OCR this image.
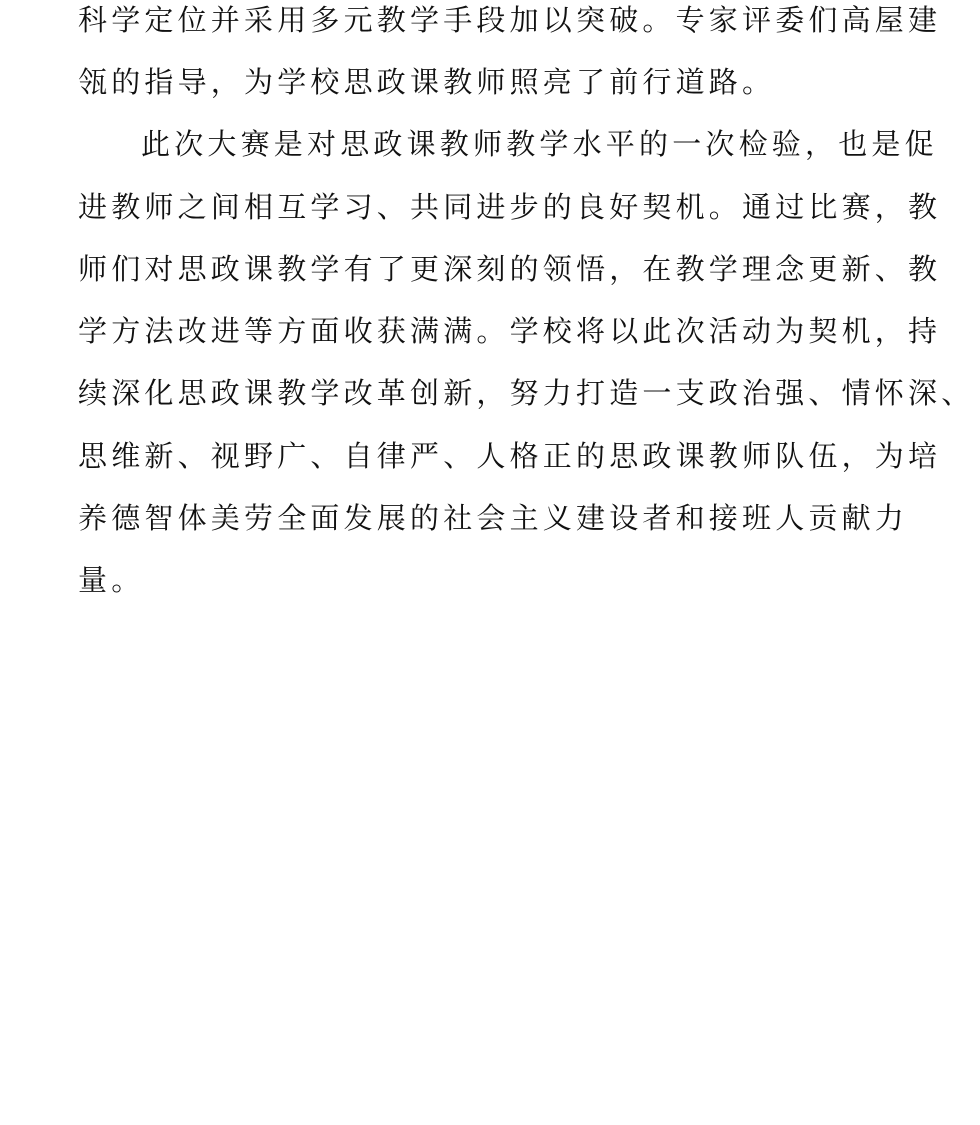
科学定位并采用多元教学手段加以突破。专家评委们高屋建
瓴的指导，为学校思政课教师照亮了前行道路。
此次大赛是对思政课教师教学水平的一次检验，也是促
进教师之间相互学习、共同进步的良好契机。通过比赛，教
师们对思政课教学有了更深刻的领悟，在教学理念更新、教
学方法改进等方面收获满满。学校将以此次活动为契机，持
续深化思政课教学改革创新，努力打造一支政治强、情怀深、
思维新、视野广、自律严、人格正的思政课教师队伍，为培
养德智体美劳全面发展的社会主义建设者和接班人贡献力
量。
